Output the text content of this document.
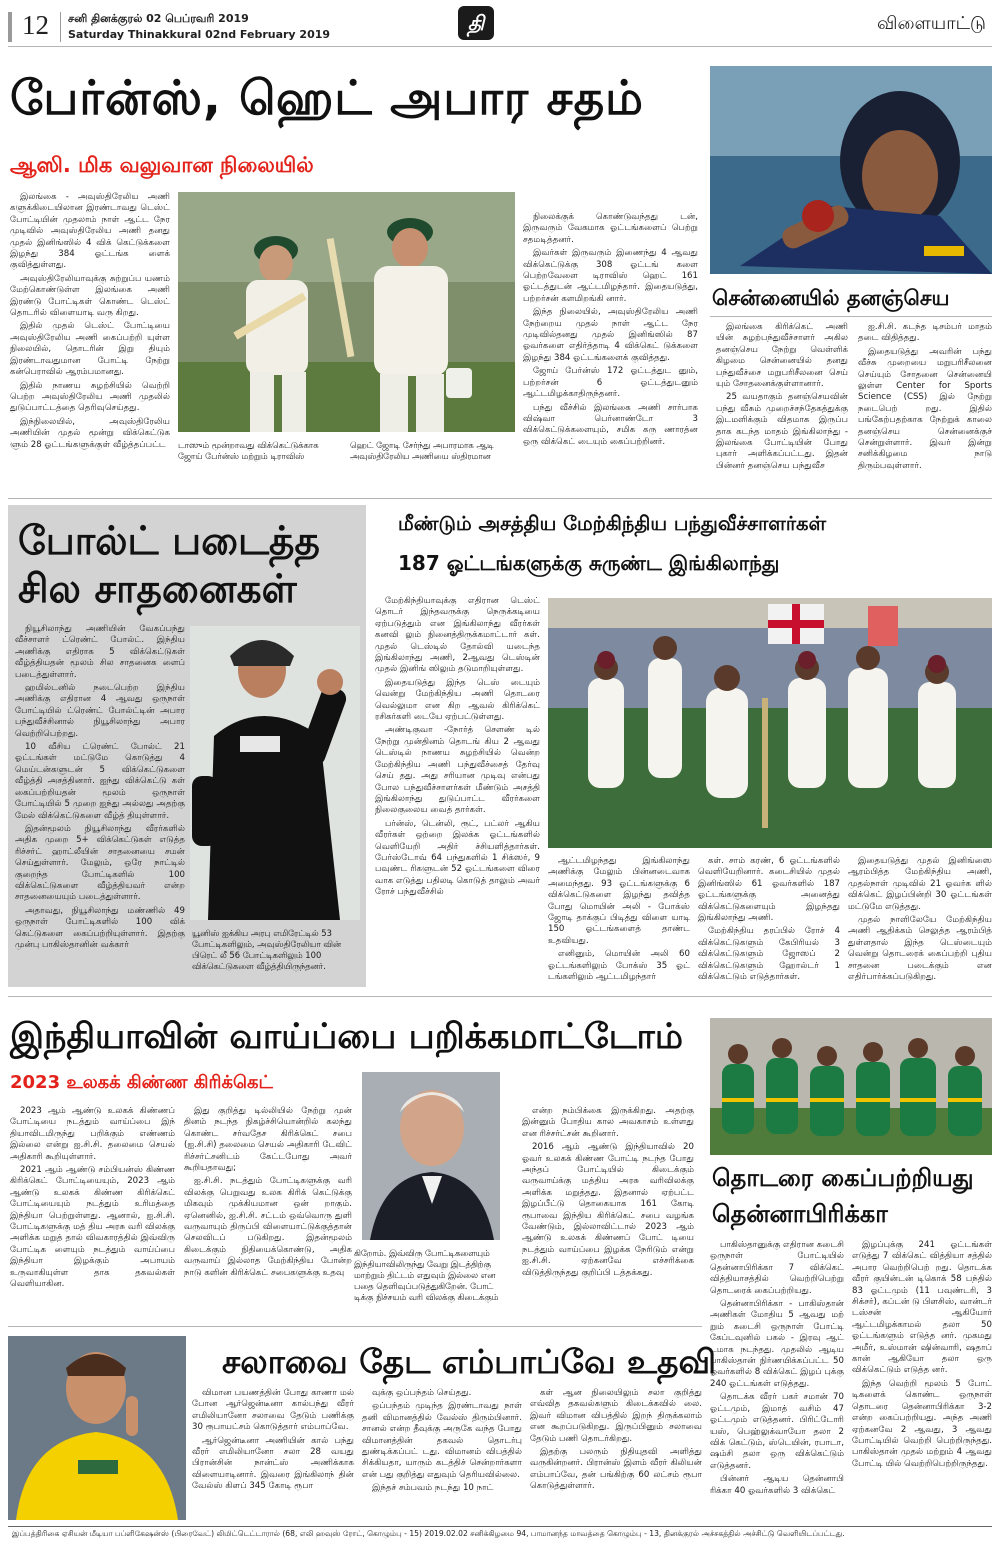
12 சனி தினக்குரல் 02 பெப்ரவரி 2019
Saturday Thinakkural 02nd February 2019	தி	விளையாட்டு
பேர்ன்ஸ், ஹெட் அபார சதம்
ஆஸி. மிக வலுவான நிலையில்

இலங்கை - அவுஸ்திரேலிய அணி களுக்கிடையிலான இரண்டாவது டெஸ்ட் போட்டியின் முதலாம் நாள் ஆட்ட நேர முடிவில் அவுஸ்திரேலிய அணி தனது முதல் இனிங்ஸில் 4 விக் கெட்டுக்களை இழந்து 384 ஓட்டங்க ளைக் குவித்துள்ளது.

அவுஸ்திரேலியாவுக்கு சுற்றுப்ப யணம் மேற்கொண்டுள்ள இலங்கை அணி இரண்டு போட்டிகள் கொண்ட டெஸ்ட் தொடரில் விளையாடி வரு கிறது.

இதில் முதல் டெஸ்ட் போட்டியை அவுஸ்திரேலிய அணி கைப்பற்றி யுள்ள நிலையில், தொடரின் இறு தியும் இரண்டாவதுமான போட்டி நேற்று கன்பெராவில் ஆரம்பமானது.

இதில் நாணய சுழற்சியில் வெற்றி பெற்ற அவுஸ்திரேலிய அணி முதலில் துடுப்பாட்டத்தை தெரிவுசெய்தது.

இந்நிலையில், அவுஸ்திரேலிய அணியின் முதல் மூன்று விக்கெட்டுக ளும் 28 ஓட்டங்களுக்குள் வீழ்த்தப்பட்ட	டாஸும் மூன்றாவது விக்கெட்டுக்காக ஜோய் பேர்ன்ஸ் மற்றும் டிராவிஸ்
ஹெட் ஜோடி சேர்ந்து அபாரமாக ஆடி அவுஸ்திரேலிய அணியை ஸ்திரமான

நிலைக்குக் கொண்டுவந்தது டன், இருவரும் வேகமாக ஓட்டங்களைப் பெற்று சதமடித்தனர்.

இவர்கள் இருவரும் இணைந்து 4 ஆவது விக்கெட்டுக்கு 308 ஓட்டங் களை பெற்றவேளை டிராவிஸ் ஹெட் 161 ஓட்டத்துடன் ஆட்டமிழந்தார். இதையடுத்து, பற்றர்சன் களமிறங்கி னார்.

இந்த நிலையில், அவுஸ்திரேலிய அணி நேற்றைய முதல் நாள் ஆட்ட நேர முடிவில்தனது முதல் இனிங்ஸில் 87 ஓவர்களை எதிர்த்தாடி 4 விக்கெட் டுக்களை இழந்து 384 ஓட்டங்களைக் குவித்தது.

ஜோய் பேர்ன்ஸ் 172 ஓட்டத்துட னும், பற்றர்சன் 6 ஓட்டத்துடனும் ஆட்டமிழக்காதிருந்தனர்.

பந்து வீச்சில் இலங்கை அணி சார்பாக விஷ்வா பெர்னாண்டோ 3 விக்கெட்டுக்களையும், சமிக கரு ணாரத்ன ஒரு விக்கெட் டையும் கைப்பற்றினர்.

சென்னையில் தனஞ்செய

இலங்கை கிரிக்கெட் அணி யின் சுழற்பந்துவீச்சாளர் அகில தனஞ்செய நேற்று வெள்ளிக் கிழமை சென்னையில் தனது பந்துவீச்சை மறுபரிசீலனை செய் யும் சோதனைக்குள்ளானார்.

25 வயதாகும் தனஞ்செயவின் பந்து வீசும் முறைச்சந்தேகத்துக்கு இடமளிக்கும் விதமாக இருப்ப தாக கடந்த மாதம் இங்கிலாந்து - இலங்கை போட்டியின் போது புகார் அளிக்கப்பட்டது. இதன் பின்னர் தனஞ்செய பந்துவீச

ஐ.சி.சி. கடந்த டிசம்பர் மாதம் தடை விதித்தது.

இதையடுத்து அவரின் பந்து வீச்சு முறையை மறுபரிசீலனை செய்யும் சோதனை சென்னையி லுள்ள Center for Sports Science (CSS) இல் நேற்று நடைபெற் றது. இதில் பங்கேற்பதற்காக நேற்றுக் காலை தனஞ்செய சென்னைக்குச் சென்றுள்ளார். இவர் இன்று சனிக்கிழமை நாடு திரும்பவுள்ளார்.

போல்ட் படைத்த
சில சாதனைகள்

நியூசிலாந்து அணியின் வேகப்பந்து வீச்சாளர் ட்ரெண்ட் போல்ட். இந்திய அணிக்கு எதிராக 5 விக்கெட்டுகள் வீழ்த்தியதன் மூலம் சில சாதனைக ளைப் படைத்துள்ளார்.

ஹமில்டனில் நடைபெற்ற இந்திய அணிக்கு எதிரான 4 ஆவது ஒருநாள் போட்டியில் ட்ரெண்ட் போல்ட்டின் அபார பந்துவீச்சினால் நியூசிலாந்து அபார வெற்றிபெற்றது.

10 வீசிய ட்ரெண்ட் போல்ட் 21 ஓட்டங்கள் மட்டுமே கொடுத்து 4 மெய்டன்களுடன் 5 விக்கெட்டுகளை வீழ்த்தி அசத்தினார். ஐந்து விக்கெட்டு கள் கைப்பற்றியதன் மூலம் ஒருநாள் போட்டியில் 5 முறை ஐந்து அல்லது அதற்கு மேல் விக்கெட்டுகளை வீழ்த் தியுள்ளார்.

இதன்மூலம் நியூசிலாந்து வீரர்களில் அதிக முறை 5+ விக்கெட்டுகள் எடுத்த ரிச்சர்ட் ஹாட்லீயின் சாதனையை சமன் செய்துள்ளார். மேலும், ஒரே நாட்டில் குறைந்த போட்டிகளில் 100 விக்கெட்டுகளை வீழ்த்தியவர் என்ற சாதனையையும் படைத்துள்ளார்.

அதாவது, நியூசிலாந்து மண்ணில் 49 ஒருநாள் போட்டிகளில் 100 விக் கெட்டுகளை கைப்பற்றியுள்ளார். இதற்கு முன்பு பாகிஸ்தானின் வக்கார்

யூனிஸ் ஐக்கிய அரபு எமிரேட்டில் 53 போட்டிகளிலும், அவுஸ்திரேலியா வின் பிரெட் லீ 56 போட்டிகளிலும் 100 விக்கெட்டுகளை வீழ்த்தியிருந்தனர்.
மீண்டும் அசத்திய மேற்கிந்திய பந்துவீச்சாளர்கள்
187 ஓட்டங்களுக்கு சுருண்ட இங்கிலாந்து

மேற்கிந்தியாவுக்கு எதிரான டெஸ்ட் தொடர் இந்தவருக்கு நெருக்கடியை ஏற்படுத்தும் என இங்கிலாந்து வீரர்கள் கனவி லும் நினைத்திருக்கமாட்டார் கள். முதல் டெஸ்டில் தோல்வி யடைந்த இங்கிலாந்து அணி, 2ஆவது டெஸ்டின் முதல் இனிங் ஸிலும் தடுமாறியுள்ளது.

இதையடுத்து இந்த டெஸ் டையும் வென்று மேற்கிந்திய அணி தொடரை வெல்லுமா என கிற ஆவல் கிரிக்கெட் ரசிகர்களி டையே ஏற்பட்டுள்ளது.

அண்டிகுவா -நோர்த் சௌண் டில் நேற்று முன்தினம் தொடங் கிய 2 ஆவது டெஸ்டில் நாணய சுழற்சியில் வென்ற மேற்கிந்திய அணி பந்துவீச்சைத் தேர்வு செய் தது. அது சரியான முடிவு என்பது போல பந்துவீச்சாளர்கள் மீண்டும் அசத்தி இங்கிலாந்து துடுப்பாட்ட வீரர்களை நிலைகுலைய வைத் தார்கள்.

பர்ன்ஸ், டென்லி, ரூட், பட்லர் ஆகிய வீரர்கள் ஒற்றை இலக்க ஓட்டங்களில் வெளியேறி அதிர் ச்சியளித்தார்கள். பேர்ஸ்டோவ் 64 பந்துகளில் 1 சிக்ஸர், 9 பவுண்ட ரிகளுடன் 52 ஓட்டங்களை விரை வாக எடுத்து பதிலடி கொடுத் தாலும் அவர் ரோச் பந்துவீச்சில்

ஆட்டமிழந்தது இங்கிலாந்து அணிக்கு மேலும் பின்னடைவாக அமைந்தது. 93 ஓட்டங்களுக்கு 6 விக்கெட்டுகளை இழந்து தவித்த போது மொயின் அலி - போக்ஸ் ஜோடி தாக்குப் பிடித்து விளை யாடி 150 ஓட்டங்களைத் தாண்ட உதவியது.

எனினும், மொயின் அலி 60 ஓட்டங்களிலும் போக்ஸ் 35 ஓட் டங்களிலும் ஆட்டமிழந்தார்

கள். சாம் கரண், 6 ஓட்டங்களில் வெளியேறினார். கடைசியில் முதல் இனிங்ஸில் 61 ஓவர்களில் 187 ஓட்டங்களுக்கு அனைத்து விக்கெட்டுகளையும் இழந்தது இங்கிலாந்து அணி.

மேற்கிந்திய தரப்பில் ரோச் 4 விக்கெட்டுகளும் கேபிரியல் 3 விக்கெட்டுகளும் ஜோஸப் 2 விக்கெட்டுகளும் ஹோல்டர் 1 விக்கெட்டும் எடுத்தார்கள்.

இதையடுத்து முதல் இனிங்ஸை ஆரம்பித்த மேற்கிந்திய அணி, முதல்நாள் முடிவில் 21 ஓவர்க ளில் விக்கெட் இழப்பின்றி 30 ஓட்டங்கள் மட்டுமே எடுத்தது.

முதல் நாளிலேயே மேற்கிந்திய அணி ஆதிக்கம் செலுத்த ஆரம்பித் துள்ளதால் இந்த டெஸ்டையும் வென்று தொடரைக் கைப்பற்றி புதிய சாதனை படைக்கும் என எதிர்பார்க்கப்படுகிறது.

இந்தியாவின் வாய்ப்பை பறிக்கமாட்டோம்
2023 உலகக் கிண்ண கிரிக்கெட்

2023 ஆம் ஆண்டு உலகக் கிண்ணப் போட்டியை நடத்தும் வாய்ப்பை இந் தியாவிடமிருந்து பறிக்கும் எண்ணம் இல்லை என்று ஐ.சி.சி. தலைமை செயல் அதிகாரி கூறியுள்ளார்.

2021 ஆம் ஆண்டு சம்பியன்ஸ் கிண்ண கிரிக்கெட் போட்டியையும், 2023 ஆம் ஆண்டு உலகக் கிண்ண கிரிக்கெட் போட்டியையும் நடத்தும் உரிமத்தை இந்தியா பெற்றுள்ளது. ஆனால், ஐ.சி.சி. போட்டிகளுக்கு மத் திய அரசு வரி விலக்கு அளிக்க மறுத் தால் விவகாரத்தில் இவ்விரு போட்டிக ளையும் நடத்தும் வாய்ப்பை இந்தியா இழக்கும் அபாயம் உருவாகியுள்ள தாக தகவல்கள் வெளியாகின.

இது குறித்து டில்லியில் நேற்று முன் தினம் நடந்த நிகழ்ச்சியொன்றில் கலந்து கொண்ட சர்வதேச கிரிக்கெட் சபை (ஐ.சி.சி) தலைமை செயல் அதிகாரி டேவிட் ரிச்சர்ட்சனிடம் கேட்டபோது அவர் கூறியதாவது;

ஐ.சி.சி. நடத்தும் போட்டிகளுக்கு வரி விலக்கு பெறுவது உலக கிரிக் கெட்டுக்கு மிகவும் முக்கியமான ஒன் றாகும். ஏனெனில், ஐ.சி.சி. சட்டம் ஒவ்வொரு துளி வருவாயும் திருப்பி விளையாட்டுக்குத்தான் செலவிடப் படுகிறது. இதன்மூலம் கிடைக்கும் நிதியைக்கொண்டு, அதிக வருவாய் இல்லாத மேற்கிந்திய போன்ற நாடு களின் கிரிக்கெட் சபைகளுக்கு உதவு

கிறோம். இவ்விரு போட்டிகளையும் இந்தியாவிலிருந்து வேறு இடத்திற்கு மாற்றும் திட்டம் எதுவும் இல்லை என பதை தெளிவுப்படுத்துகிறேன். போட் டிக்கு நிச்சயம் வரி விலக்கு கிடைக்கும்

என்ற நம்பிக்கை இருக்கிறது. அதற்கு இன்னும் போதிய கால அவகாசம் உள்ளது என ரிச்சர்ட்சன் கூறினார்.

2016 ஆம் ஆண்டு இந்தியாவில் 20 ஓவர் உலகக் கிண்ண போட்டி நடந்த போது அந்தப் போட்டியில் கிடைக்கும் வருவாய்க்கு மத்திய அரசு வரிவிலக்கு அளிக்க மறுத்தது. இதனால் ஏற்பட்ட இழப்பீட்டு தொகையாக 161 கோடி ரூபாவை இந்திய கிரிக்கெட் சபை வழங்க வேண்டும், இல்லாவிட்டால் 2023 ஆம் ஆண்டு உலகக் கிண்ணப் போட் டியை நடத்தும் வாய்ப்பை இழக்க நேரிடும் என்று ஐ.சி.சி. ஏற்கனவே எச்சரிக்கை விடுத்திருந்தது குறிப்பி டத்தக்கது.

தொடரை கைப்பற்றியது
தென்னாபிரிக்கா

பாகிஸ்தானுக்கு எதிரான கடைசி ஒருநாள் போட்டியில் தென்னாபிரிக்கா 7 விக்கெட் வித்தியாசத்தில் வெற்றிபெற்று தொடரைக் கைப்பற்றியது.

தென்னாபிரிக்கா - பாகிஸ்தான் அணிகள் மோதிய 5 ஆவது மற் றும் கடைசி ஒருநாள் போட்டி கேப்டவுனில் பகல் - இரவு ஆட் டமாக நடந்தது. முதலில் ஆடிய பாகிஸ்தான் நிர்ணயிக்கப்பட்ட 50 ஓவர்களில் 8 விக்கெட் இழப் புக்கு 240 ஓட்டங்கள் எடுத்தது.

தொடக்க வீரர் பகர் சமான் 70 ஓட்டமும், இமாத் வசிம் 47 ஓட்டமும் எடுத்தனர். பிரிட்டோரி யஸ், பெஹ்லுக்வாயோ தலா 2 விக் கெட்டும், ஸ்டெயின், ரபாடா, ஷம்சி தலா ஒரு விக்கெட்டும் எடுத்தனர்.

பின்னர் ஆடிய தென்னாபி ரிக்கா 40 ஓவர்களில் 3 விக்கெட்

இழப்புக்கு 241 ஓட்டங்கள் எடுத்து 7 விக்கெட் வித்தியா சத்தில் அபார வெற்றிபெற் றது. தொடக்க வீரர் குயின்டன் டிகொக் 58 பந்தில் 83 ஓட்டமும் (11 பவுண்டரி, 3 சிக்சர்), கப்டன் டு பிளசிஸ், வான்டர் டஸ்சன் ஆகியோர் ஆட்டமிழக்காமல் தலா 50 ஓட்டங்களும் எடுத்த னர். முகமது அமீர், உஸ்மான் ஷின்வாரி, ஷதாப் கான் ஆகியோ தலா ஒரு விக்கெட்டும் எடுத்த னர்.

இந்த வெற்றி மூலம் 5 போட் டிகளைக் கொண்ட ஒருநாள் தொடரை தென்னாபிரிக்கா 3-2 என்ற கைப்பற்றியது. அந்த அணி ஏற்கனவே 2 ஆவது, 3 ஆவது போட்டியில் வெற்றி பெற்றிருந்தது. பாகிஸ்தான் முதல் மற்றும் 4 ஆவது போட்டி யில் வெற்றிபெற்றிருந்தது.

சலாவை தேட எம்பாப்வே உதவி

விமான பயணத்தின் போது காணா மல் போன ஆர்ஜென்டீனா கால்பந்து வீரர் எமிலியானோ சலாவை தேடும் பணிக்கு 30 ரூபாயட்சம் கொடுத்தார் எம்பாப்வே.

ஆர்ஜென்டீனா அணியின் கால் பந்து வீரர் எமிலியானோ சலா 28 வயது பிரான்சின் நான்ட்ஸ் அணிக்காக விளையாடினார். இவரை இங்கிலாந் தின் வேல்ஸ் கிளப் 345 கோடி ரூபா

வுக்கு ஒப்பந்தம் செய்தது.

ஒப்பந்தம் முடிந்த இரண்டாவது நாள் தனி விமானத்தில் வேல்ஸ் திரும்பினார். சானல் என்ற தீவுக்கு அருகே வந்த போது விமானத்தின் தகவல் தொடர்பு துண்டிக்கப்பட் டது. விமானம் விபத்தில் சிக்கியதா, யாரும் கடத்திச் சென்றார்களா என் பது குறித்து எதுவும் தெரியவில்லை.

இந்தச் சம்பவம் நடந்து 10 நாட்

கள் ஆன நிலையிலும் சலா குறித்து எவ்வித தகவல்களும் கிடைக்கவில் லை. இவர் விமான விபத்தில் இறந் திருக்கலாம் என கூறப்படுகிறது. இருப்பினும் சலாவை தேடும் பணி தொடர்கிறது.

இதற்கு பலரும் நிதியுதவி அளித்து வருகின்றனர். பிரான்ஸ் இளம் வீரர் கிலியன் எம்பாப்வே, தன் பங்கிற்கு 60 லட்சம் ரூபா கொடுத்துள்ளார்.

இப்பத்திரிகை ஏசியன் மீடியா பப்ளிகேஷன்ஸ் (பிரைவேட்) லிமிட்டெட்டாரால் (68, எலி ஹவுஸ் ரோட், கொழும்பு - 15) 2019.02.02 சனிக்கிழமை 94, பாமானந்த மாவத்தை கொழும்பு - 13, தினக்குரல் அச்சகத்தில் அச்சிட்டு வெளியிடப்பட்டது.
